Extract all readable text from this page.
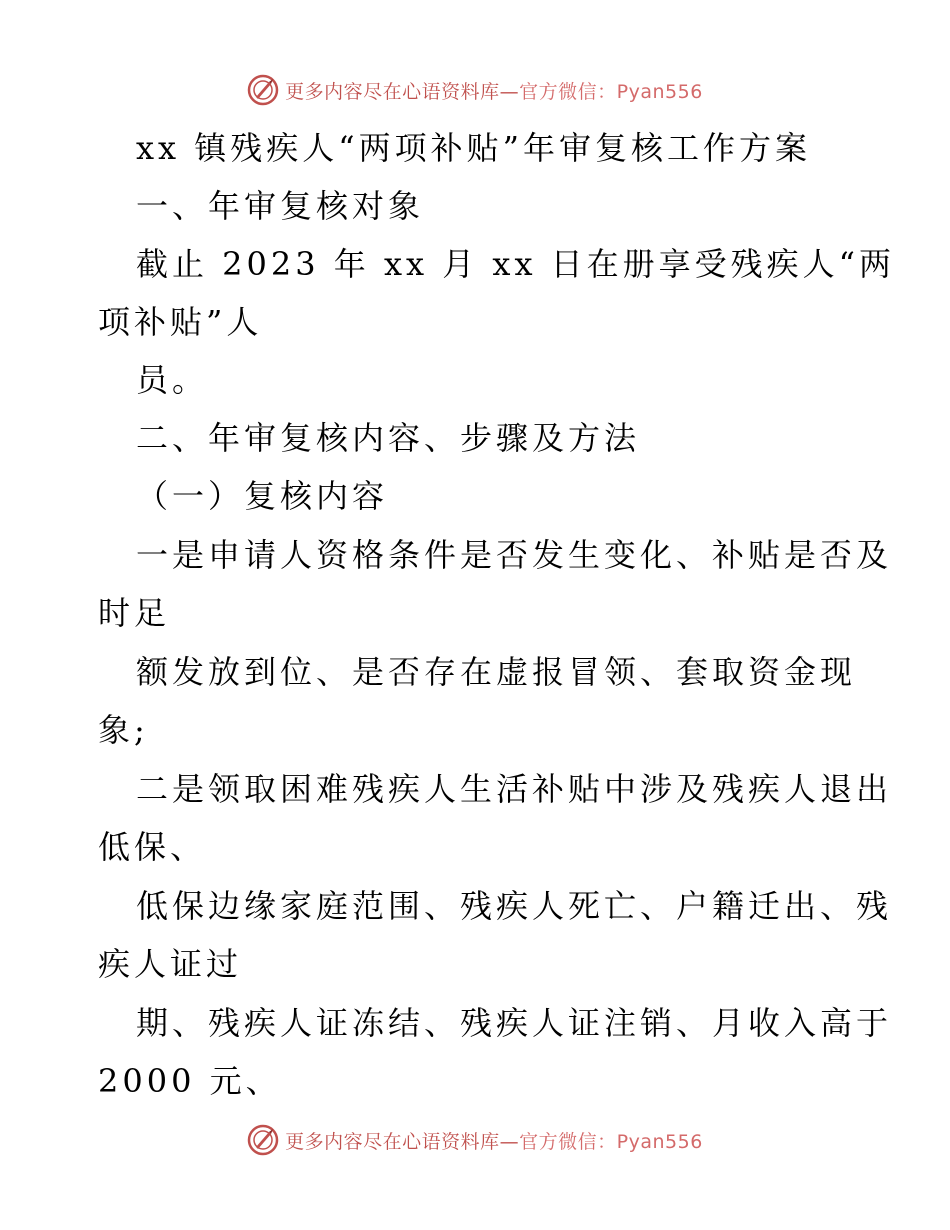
更多内容尽在心语资料库—官方微信：Pyan556
xx 镇残疾人“两项补贴”年审复核工作方案
一、年审复核对象
截止 2023 年 xx 月 xx 日在册享受残疾人“两
项补贴”人
员。
二、年审复核内容、步骤及方法
（一）复核内容
一是申请人资格条件是否发生变化、补贴是否及
时足
额发放到位、是否存在虚报冒领、套取资金现
象;
二是领取困难残疾人生活补贴中涉及残疾人退出
低保、
低保边缘家庭范围、残疾人死亡、户籍迁出、残
疾人证过
期、残疾人证冻结、残疾人证注销、月收入高于
2000 元、
更多内容尽在心语资料库—官方微信：Pyan556
